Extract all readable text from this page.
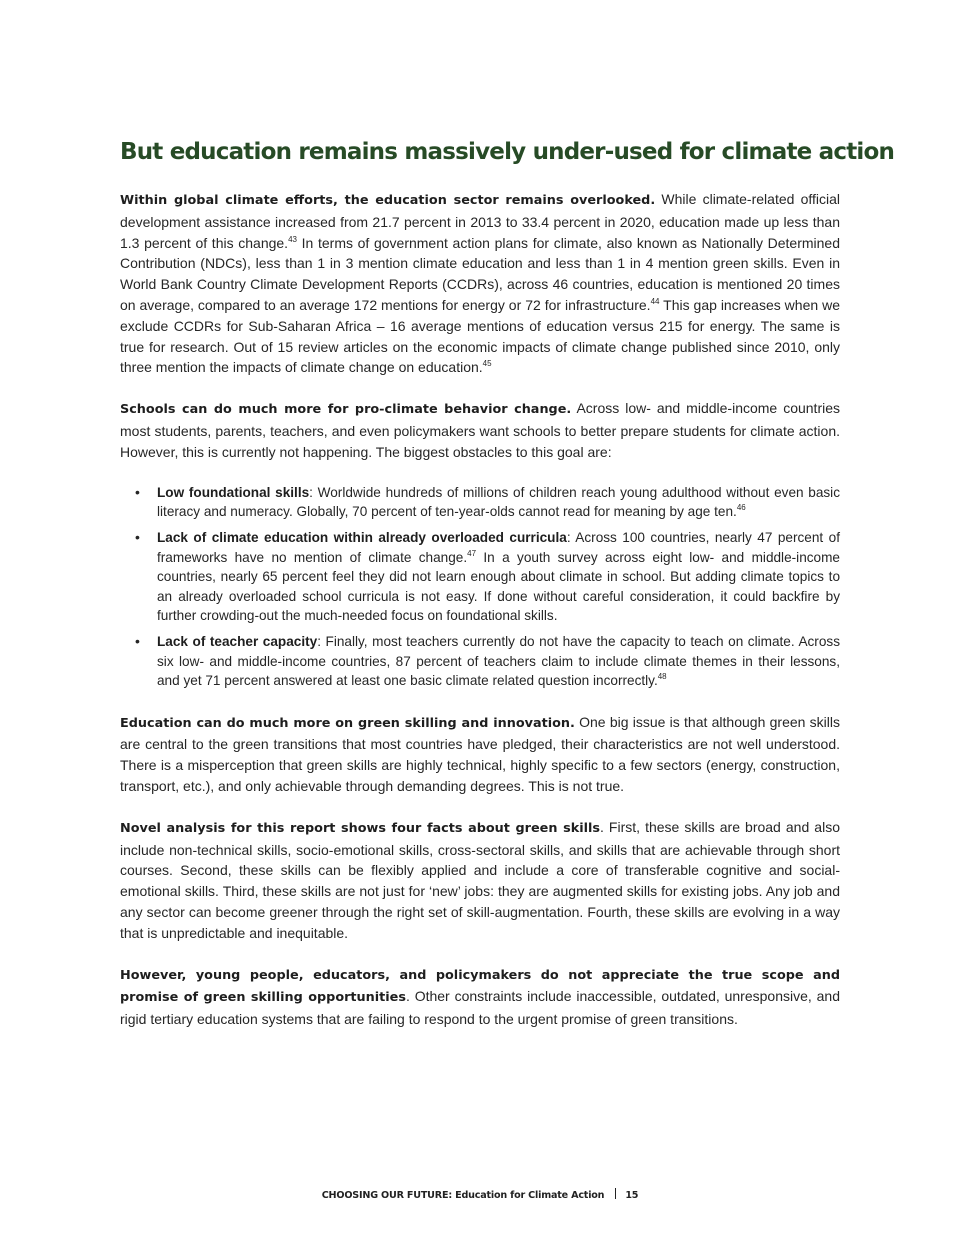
But education remains massively under-used for climate action

Within global climate efforts, the education sector remains overlooked. While climate-related official development assistance increased from 21.7 percent in 2013 to 33.4 percent in 2020, education made up less than 1.3 percent of this change.$^{43}$ In terms of government action plans for climate, also known as Nationally Determined Contribution (NDCs), less than 1 in 3 mention climate education and less than 1 in 4 mention green skills. Even in World Bank Country Climate Development Reports (CCDRs), across 46 countries, education is mentioned 20 times on average, compared to an average 172 mentions for energy or 72 for infrastructure.$^{44}$ This gap increases when we exclude CCDRs for Sub-Saharan Africa – 16 average mentions of education versus 215 for energy. The same is true for research. Out of 15 review articles on the economic impacts of climate change published since 2010, only three mention the impacts of climate change on education.$^{45}$

Schools can do much more for pro-climate behavior change. Across low- and middle-income countries most students, parents, teachers, and even policymakers want schools to better prepare students for climate action. However, this is currently not happening. The biggest obstacles to this goal are:

• Low foundational skills: Worldwide hundreds of millions of children reach young adulthood without even basic literacy and numeracy. Globally, 70 percent of ten-year-olds cannot read for meaning by age ten.$^{46}$
• Lack of climate education within already overloaded curricula: Across 100 countries, nearly 47 percent of frameworks have no mention of climate change.$^{47}$ In a youth survey across eight low- and middle-income countries, nearly 65 percent feel they did not learn enough about climate in school. But adding climate topics to an already overloaded school curricula is not easy. If done without careful consideration, it could backfire by further crowding-out the much-needed focus on foundational skills.
• Lack of teacher capacity: Finally, most teachers currently do not have the capacity to teach on climate. Across six low- and middle-income countries, 87 percent of teachers claim to include climate themes in their lessons, and yet 71 percent answered at least one basic climate related question incorrectly.$^{48}$

Education can do much more on green skilling and innovation. One big issue is that although green skills are central to the green transitions that most countries have pledged, their characteristics are not well understood. There is a misperception that green skills are highly technical, highly specific to a few sectors (energy, construction, transport, etc.), and only achievable through demanding degrees. This is not true.

Novel analysis for this report shows four facts about green skills. First, these skills are broad and also include non-technical skills, socio-emotional skills, cross-sectoral skills, and skills that are achievable through short courses. Second, these skills can be flexibly applied and include a core of transferable cognitive and social-emotional skills. Third, these skills are not just for ‘new’ jobs: they are augmented skills for existing jobs. Any job and any sector can become greener through the right set of skill-augmentation. Fourth, these skills are evolving in a way that is unpredictable and inequitable.

However, young people, educators, and policymakers do not appreciate the true scope and promise of green skilling opportunities. Other constraints include inaccessible, outdated, unresponsive, and rigid tertiary education systems that are failing to respond to the urgent promise of green transitions.

CHOOSING OUR FUTURE: Education for Climate Action 15
